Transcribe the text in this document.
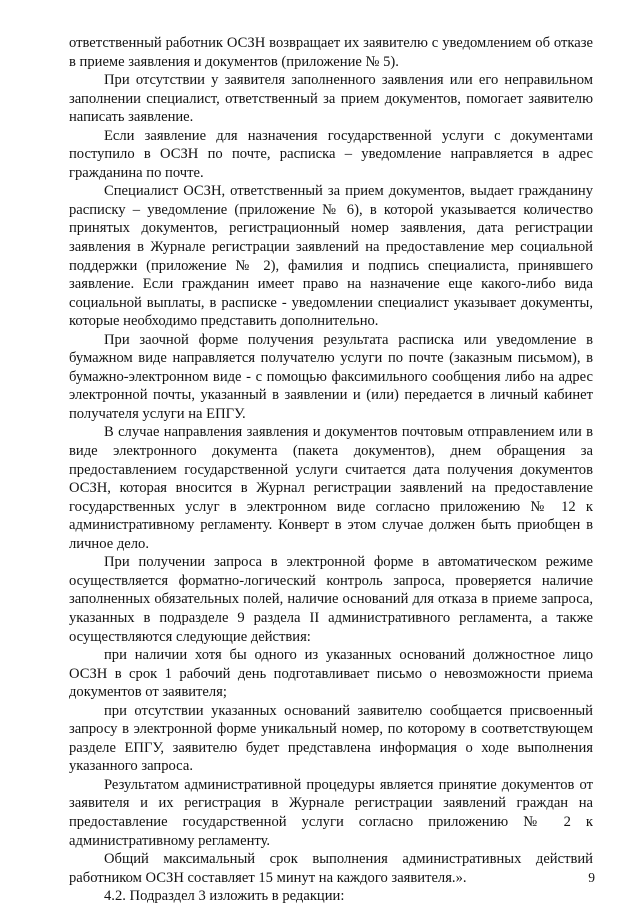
ответственный работник ОСЗН возвращает их заявителю с уведомлением об отказе в приеме заявления и документов (приложение № 5).

При отсутствии у заявителя заполненного заявления или его неправильном заполнении специалист, ответственный за прием документов, помогает заявителю написать заявление.

Если заявление для назначения государственной услуги с документами поступило в ОСЗН по почте, расписка – уведомление направляется в адрес гражданина по почте.

Специалист ОСЗН, ответственный за прием документов, выдает гражданину расписку – уведомление (приложение № 6), в которой указывается количество принятых документов, регистрационный номер заявления, дата регистрации заявления в Журнале регистрации заявлений на предоставление мер социальной поддержки (приложение № 2), фамилия и подпись специалиста, принявшего заявление. Если гражданин имеет право на назначение еще какого-либо вида социальной выплаты, в расписке - уведомлении специалист указывает документы, которые необходимо представить дополнительно.

При заочной форме получения результата расписка или уведомление в бумажном виде направляется получателю услуги по почте (заказным письмом), в бумажно-электронном виде - с помощью факсимильного сообщения либо на адрес электронной почты, указанный в заявлении и (или) передается в личный кабинет получателя услуги на ЕПГУ.

В случае направления заявления и документов почтовым отправлением или в виде электронного документа (пакета документов), днем обращения за предоставлением государственной услуги считается дата получения документов ОСЗН, которая вносится в Журнал регистрации заявлений на предоставление государственных услуг в электронном виде согласно приложению № 12 к административному регламенту. Конверт в этом случае должен быть приобщен в личное дело.

При получении запроса в электронной форме в автоматическом режиме осуществляется форматно-логический контроль запроса, проверяется наличие заполненных обязательных полей, наличие оснований для отказа в приеме запроса, указанных в подразделе 9 раздела II административного регламента, а также осуществляются следующие действия:

при наличии хотя бы одного из указанных оснований должностное лицо ОСЗН в срок 1 рабочий день подготавливает письмо о невозможности приема документов от заявителя;

при отсутствии указанных оснований заявителю сообщается присвоенный запросу в электронной форме уникальный номер, по которому в соответствующем разделе ЕПГУ, заявителю будет представлена информация о ходе выполнения указанного запроса.

Результатом административной процедуры является принятие документов от заявителя и их регистрация в Журнале регистрации заявлений граждан на предоставление государственной услуги согласно приложению № 2 к административному регламенту.

Общий максимальный срок выполнения административных действий работником ОСЗН составляет 15 минут на каждого заявителя.».

4.2. Подраздел 3 изложить в редакции:

9
